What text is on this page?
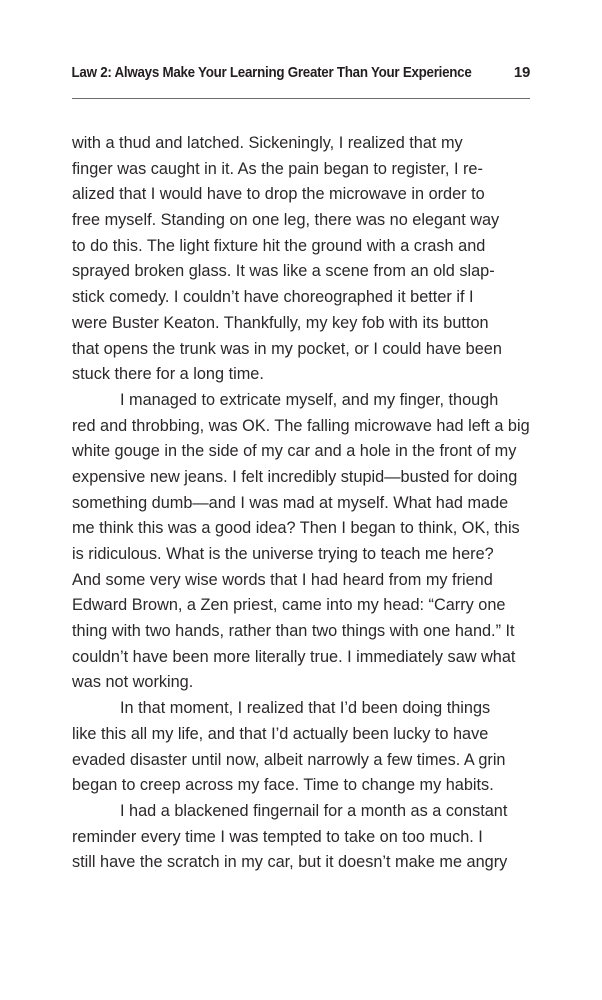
Law 2: Always Make Your Learning Greater Than Your Experience	19
with a thud and latched. Sickeningly, I realized that my
finger was caught in it. As the pain began to register, I re-
alized that I would have to drop the microwave in order to
free myself. Standing on one leg, there was no elegant way
to do this. The light fixture hit the ground with a crash and
sprayed broken glass. It was like a scene from an old slap-
stick comedy. I couldn’t have choreographed it better if I
were Buster Keaton. Thankfully, my key fob with its button
that opens the trunk was in my pocket, or I could have been
stuck there for a long time.
I managed to extricate myself, and my finger, though
red and throbbing, was OK. The falling microwave had left a big
white gouge in the side of my car and a hole in the front of my
expensive new jeans. I felt incredibly stupid—busted for doing
something dumb—and I was mad at myself. What had made
me think this was a good idea? Then I began to think, OK, this
is ridiculous. What is the universe trying to teach me here?
And some very wise words that I had heard from my friend
Edward Brown, a Zen priest, came into my head: “Carry one
thing with two hands, rather than two things with one hand.” It
couldn’t have been more literally true. I immediately saw what
was not working.
In that moment, I realized that I’d been doing things
like this all my life, and that I’d actually been lucky to have
evaded disaster until now, albeit narrowly a few times. A grin
began to creep across my face. Time to change my habits.
I had a blackened fingernail for a month as a constant
reminder every time I was tempted to take on too much. I
still have the scratch in my car, but it doesn’t make me angry
